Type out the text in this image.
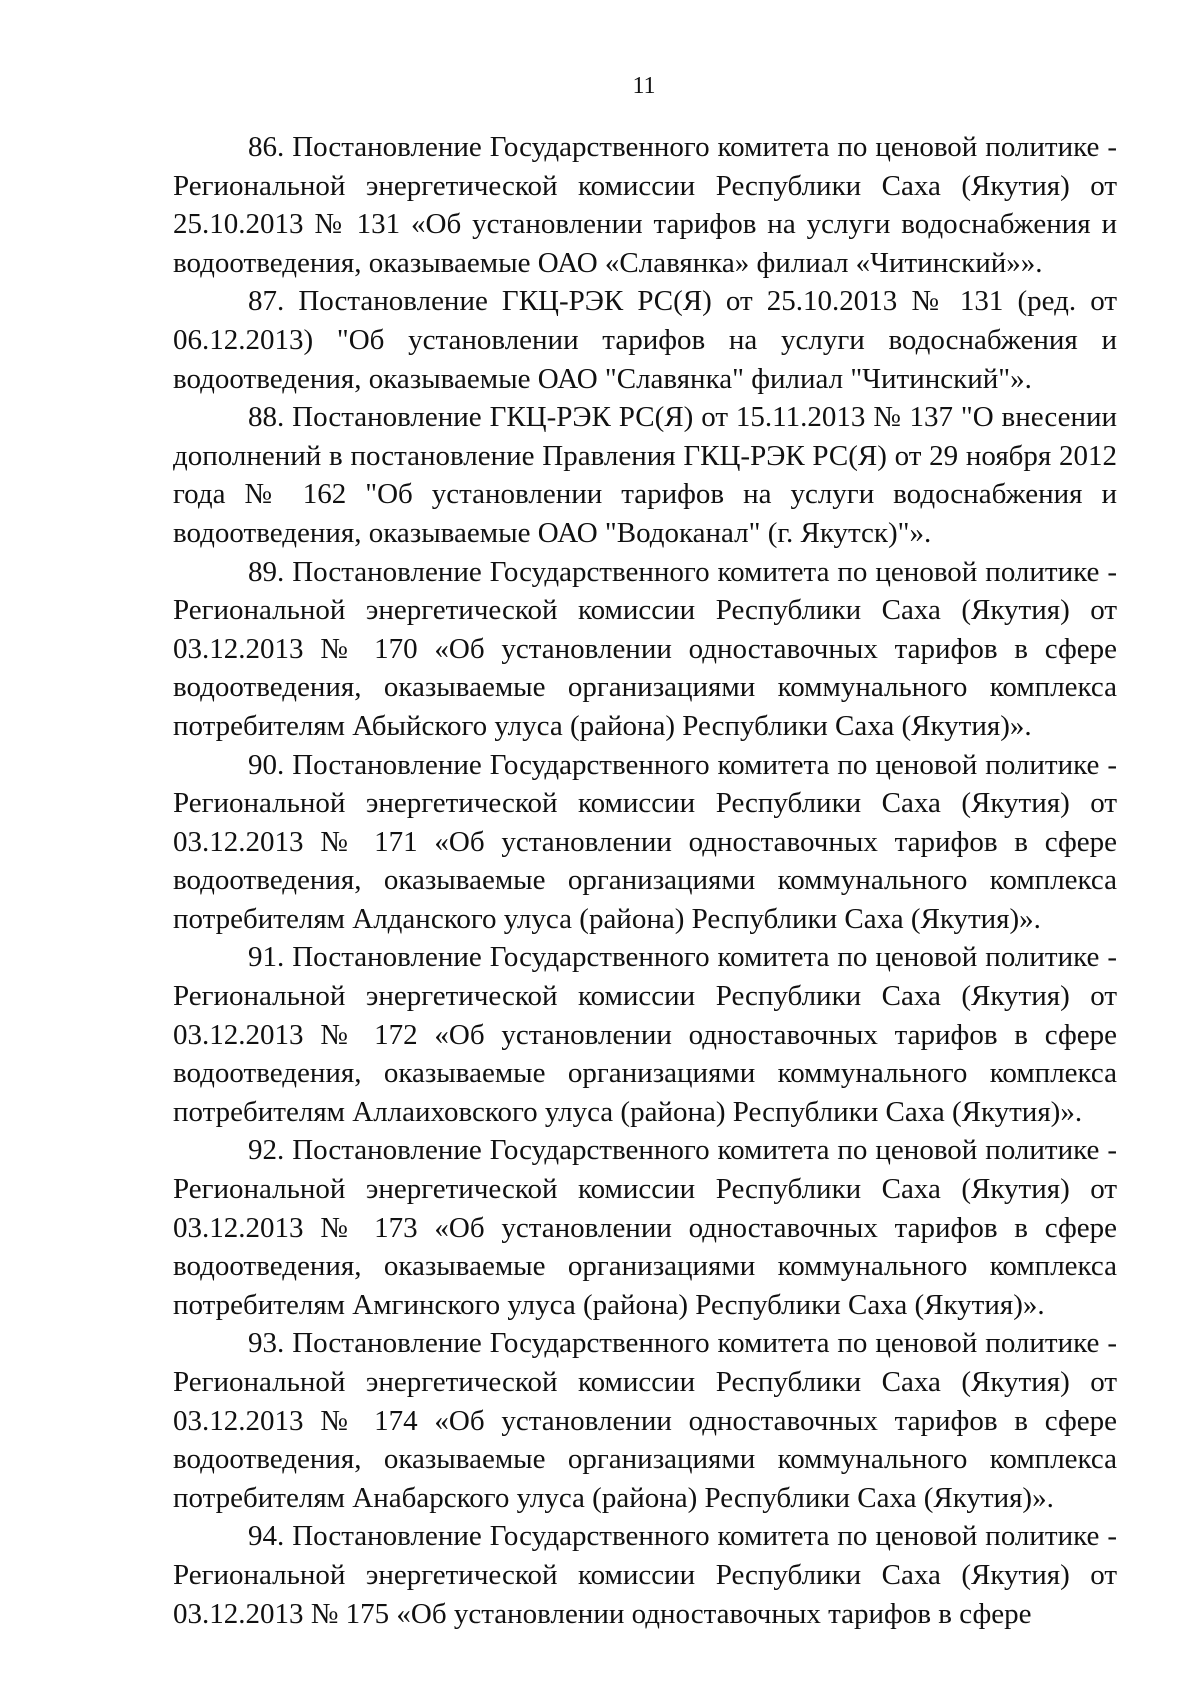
11

86. Постановление Государственного комитета по ценовой политике - Региональной энергетической комиссии Республики Саха (Якутия) от 25.10.2013 № 131 «Об установлении тарифов на услуги водоснабжения и водоотведения, оказываемые ОАО «Славянка» филиал «Читинский»».

87. Постановление ГКЦ-РЭК РС(Я) от 25.10.2013 № 131 (ред. от 06.12.2013) "Об установлении тарифов на услуги водоснабжения и водоотведения, оказываемые ОАО "Славянка" филиал "Читинский"».

88. Постановление ГКЦ-РЭК РС(Я) от 15.11.2013 № 137 "О внесении дополнений в постановление Правления ГКЦ-РЭК РС(Я) от 29 ноября 2012 года № 162 "Об установлении тарифов на услуги водоснабжения и водоотведения, оказываемые ОАО "Водоканал" (г. Якутск)"».

89. Постановление Государственного комитета по ценовой политике - Региональной энергетической комиссии Республики Саха (Якутия) от 03.12.2013 № 170 «Об установлении одноставочных тарифов в сфере водоотведения, оказываемые организациями коммунального комплекса потребителям Абыйского улуса (района) Республики Саха (Якутия)».

90. Постановление Государственного комитета по ценовой политике - Региональной энергетической комиссии Республики Саха (Якутия) от 03.12.2013 № 171 «Об установлении одноставочных тарифов в сфере водоотведения, оказываемые организациями коммунального комплекса потребителям Алданского улуса (района) Республики Саха (Якутия)».

91. Постановление Государственного комитета по ценовой политике - Региональной энергетической комиссии Республики Саха (Якутия) от 03.12.2013 № 172 «Об установлении одноставочных тарифов в сфере водоотведения, оказываемые организациями коммунального комплекса потребителям Аллаиховского улуса (района) Республики Саха (Якутия)».

92. Постановление Государственного комитета по ценовой политике - Региональной энергетической комиссии Республики Саха (Якутия) от 03.12.2013 № 173 «Об установлении одноставочных тарифов в сфере водоотведения, оказываемые организациями коммунального комплекса потребителям Амгинского улуса (района) Республики Саха (Якутия)».

93. Постановление Государственного комитета по ценовой политике - Региональной энергетической комиссии Республики Саха (Якутия) от 03.12.2013 № 174 «Об установлении одноставочных тарифов в сфере водоотведения, оказываемые организациями коммунального комплекса потребителям Анабарского улуса (района) Республики Саха (Якутия)».

94. Постановление Государственного комитета по ценовой политике - Региональной энергетической комиссии Республики Саха (Якутия) от 03.12.2013 № 175 «Об установлении одноставочных тарифов в сфере
